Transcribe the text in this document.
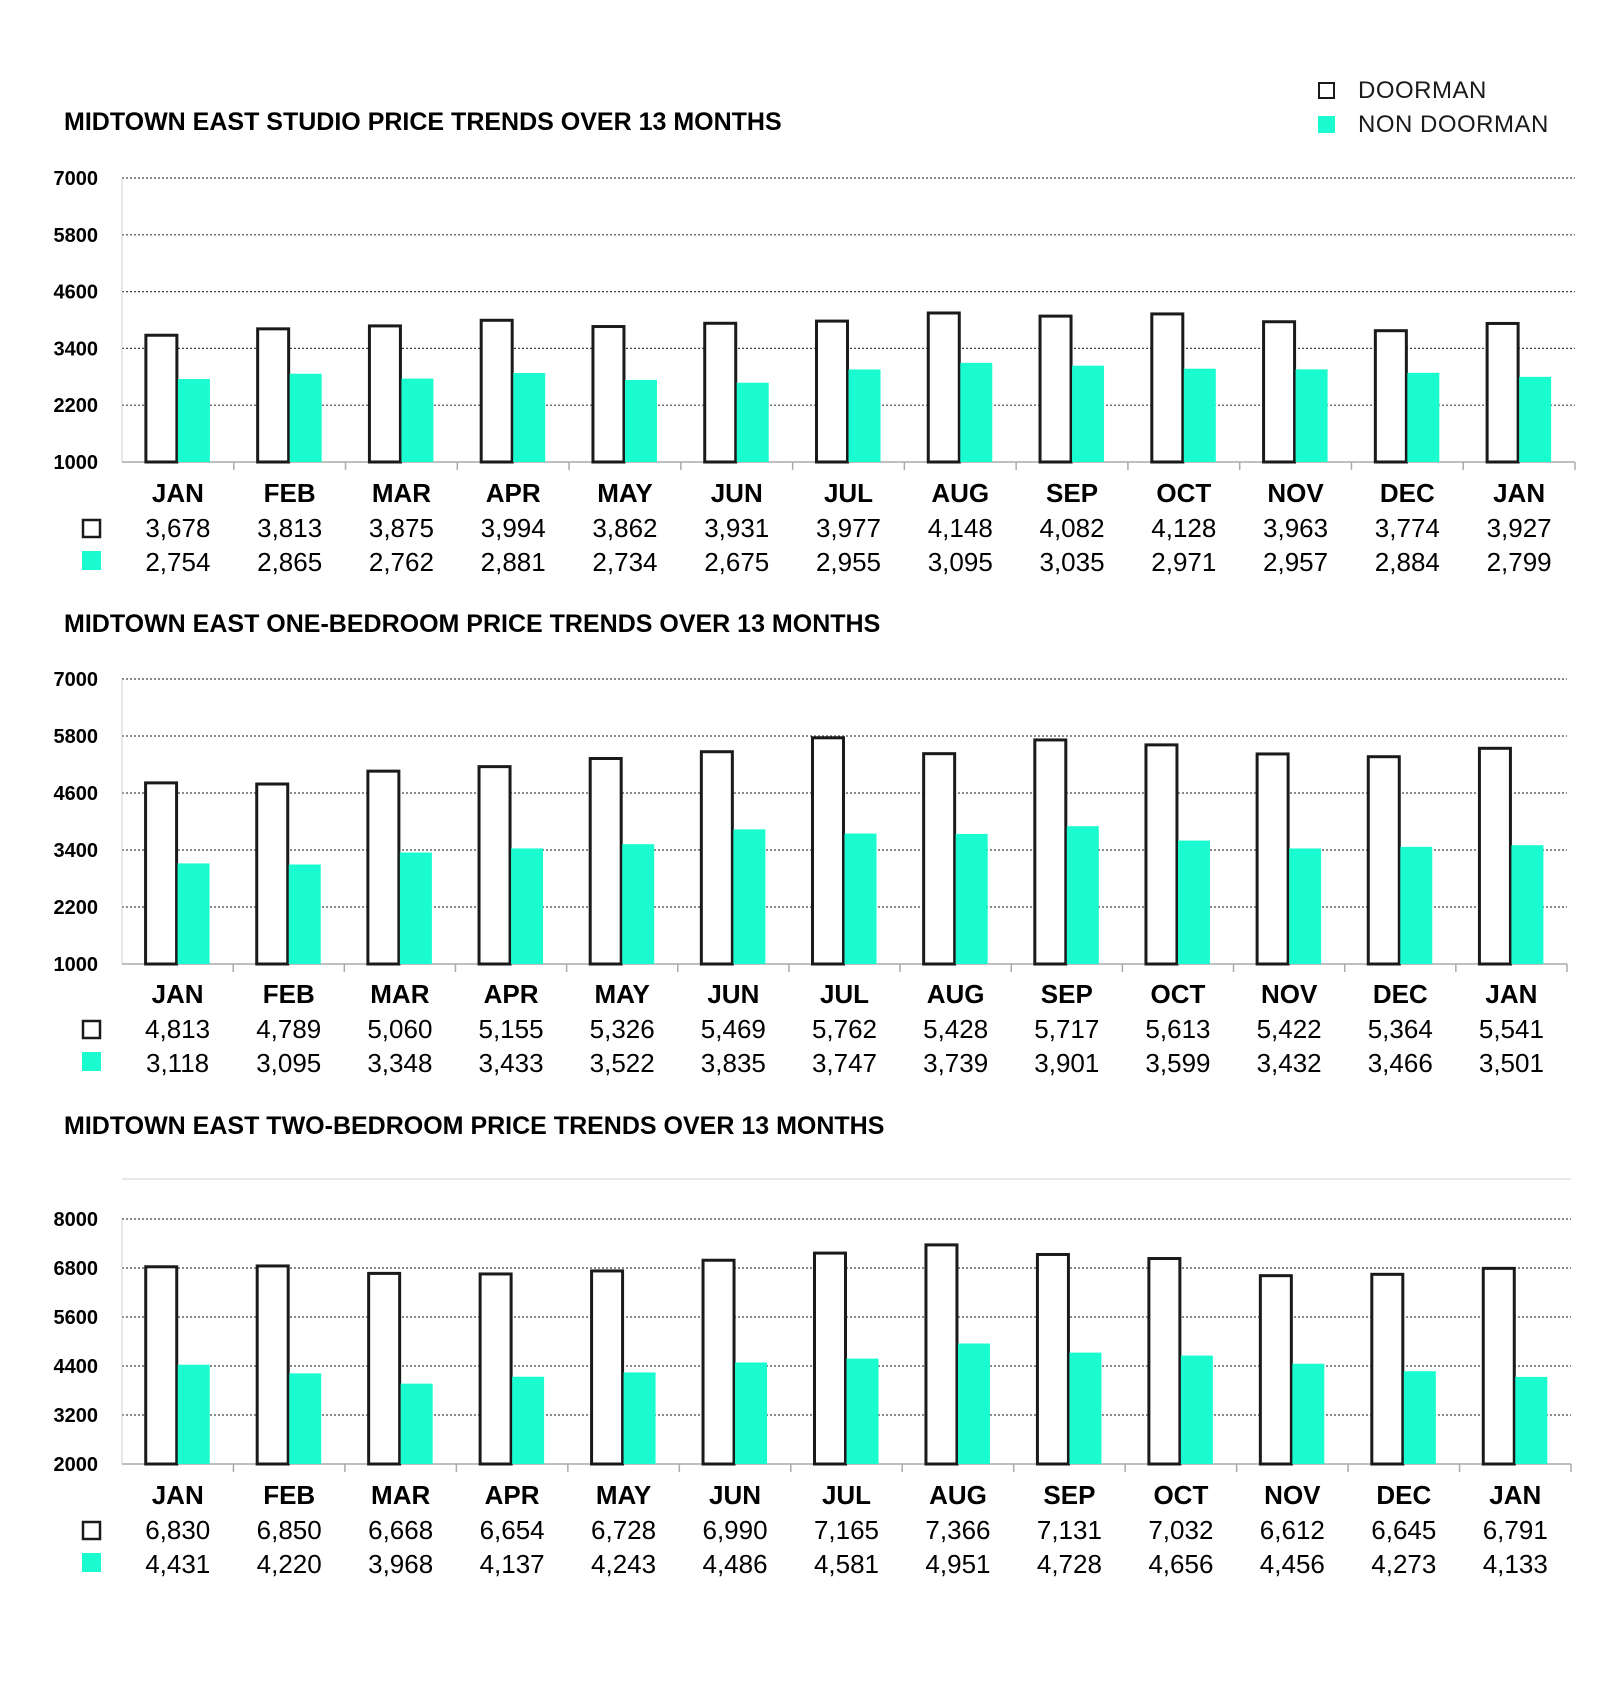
DOORMAN
NON DOORMAN
MIDTOWN EAST STUDIO PRICE TRENDS OVER 13 MONTHS
1000
2200
3400
4600
5800
7000
JAN
3,678
2,754
FEB
3,813
2,865
MAR
3,875
2,762
APR
3,994
2,881
MAY
3,862
2,734
JUN
3,931
2,675
JUL
3,977
2,955
AUG
4,148
3,095
SEP
4,082
3,035
OCT
4,128
2,971
NOV
3,963
2,957
DEC
3,774
2,884
JAN
3,927
2,799
MIDTOWN EAST ONE-BEDROOM PRICE TRENDS OVER 13 MONTHS
1000
2200
3400
4600
5800
7000
JAN
4,813
3,118
FEB
4,789
3,095
MAR
5,060
3,348
APR
5,155
3,433
MAY
5,326
3,522
JUN
5,469
3,835
JUL
5,762
3,747
AUG
5,428
3,739
SEP
5,717
3,901
OCT
5,613
3,599
NOV
5,422
3,432
DEC
5,364
3,466
JAN
5,541
3,501
MIDTOWN EAST TWO-BEDROOM PRICE TRENDS OVER 13 MONTHS
2000
3200
4400
5600
6800
8000
JAN
6,830
4,431
FEB
6,850
4,220
MAR
6,668
3,968
APR
6,654
4,137
MAY
6,728
4,243
JUN
6,990
4,486
JUL
7,165
4,581
AUG
7,366
4,951
SEP
7,131
4,728
OCT
7,032
4,656
NOV
6,612
4,456
DEC
6,645
4,273
JAN
6,791
4,133
